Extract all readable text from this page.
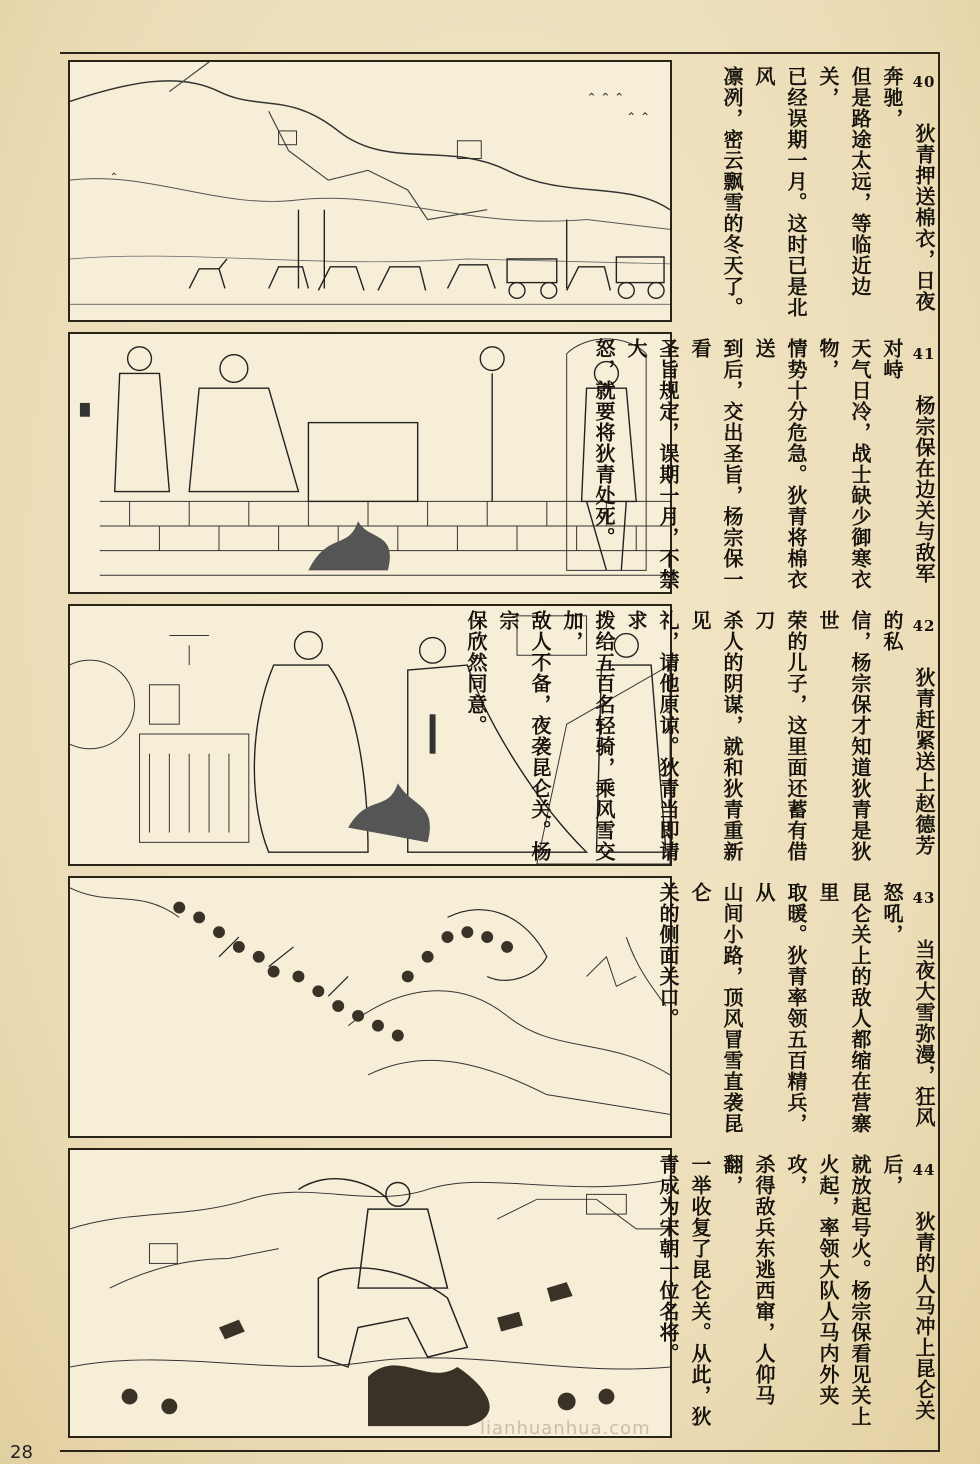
⌃ ⌃ ⌃
⌃ ⌃
⌃
40 狄青押送棉衣，日夜奔驰，
但是路途太远，等临近边关，
已经误期一月。这时已是北风
凛冽，密云飘雪的冬天了。
41 杨宗保在边关与敌军对峙
天气日冷，战士缺少御寒衣物，
情势十分危急。狄青将棉衣送
到后，交出圣旨，杨宗保一看
圣旨规定，误期一月，不禁大
怒，就要将狄青处死。
42 狄青赶紧送上赵德芳的私
信，杨宗保才知道狄青是狄世
荣的儿子，这里面还蓄有借刀
杀人的阴谋，就和狄青重新见
礼，请他原谅。狄青当即请求
拨给五百名轻骑，乘风雪交加，
敌人不备，夜袭昆仑关。杨宗
保欣然同意。
43 当夜大雪弥漫，狂风怒吼，
昆仑关上的敌人都缩在营寨里
取暖。狄青率领五百精兵，从
山间小路，顶风冒雪直袭昆仑
关的侧面关口。
44 狄青的人马冲上昆仑关后，
就放起号火。杨宗保看见关上
火起，率领大队人马内外夹攻，
杀得敌兵东逃西窜，人仰马翻，
一举收复了昆仑关。从此，狄
青成为宋朝一位名将。
28
lianhuanhua.com
